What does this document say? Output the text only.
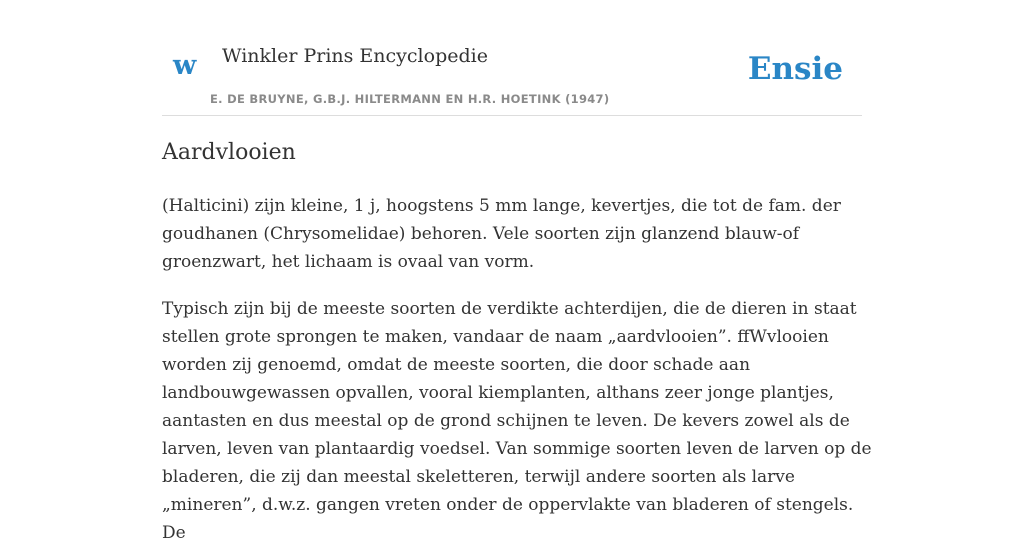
w Winkler Prins Encyclopedie	Ensie
E. DE BRUYNE, G.B.J. HILTERMANN EN H.R. HOETINK (1947)
Aardvlooien

(Halticini) zijn kleine, 1 j, hoogstens 5 mm lange, kevertjes, die tot de fam. der goudhanen (Chrysomelidae) behoren. Vele soorten zijn glanzend blauw-of groenzwart, het lichaam is ovaal van vorm.

Typisch zijn bij de meeste soorten de verdikte achterdijen, die de dieren in staat stellen grote sprongen te maken, vandaar de naam „aardvlooien”. ffWvlooien worden zij genoemd, omdat de meeste soorten, die door schade aan landbouwgewassen opvallen, vooral kiemplanten, althans zeer jonge plantjes, aantasten en dus meestal op de grond schijnen te leven. De kevers zowel als de larven, leven van plantaardig voedsel. Van sommige soorten leven de larven op de bladeren, die zij dan meestal skeletteren, terwijl andere soorten als larve „mineren”, d.w.z. gangen vreten onder de oppervlakte van bladeren of stengels. De
